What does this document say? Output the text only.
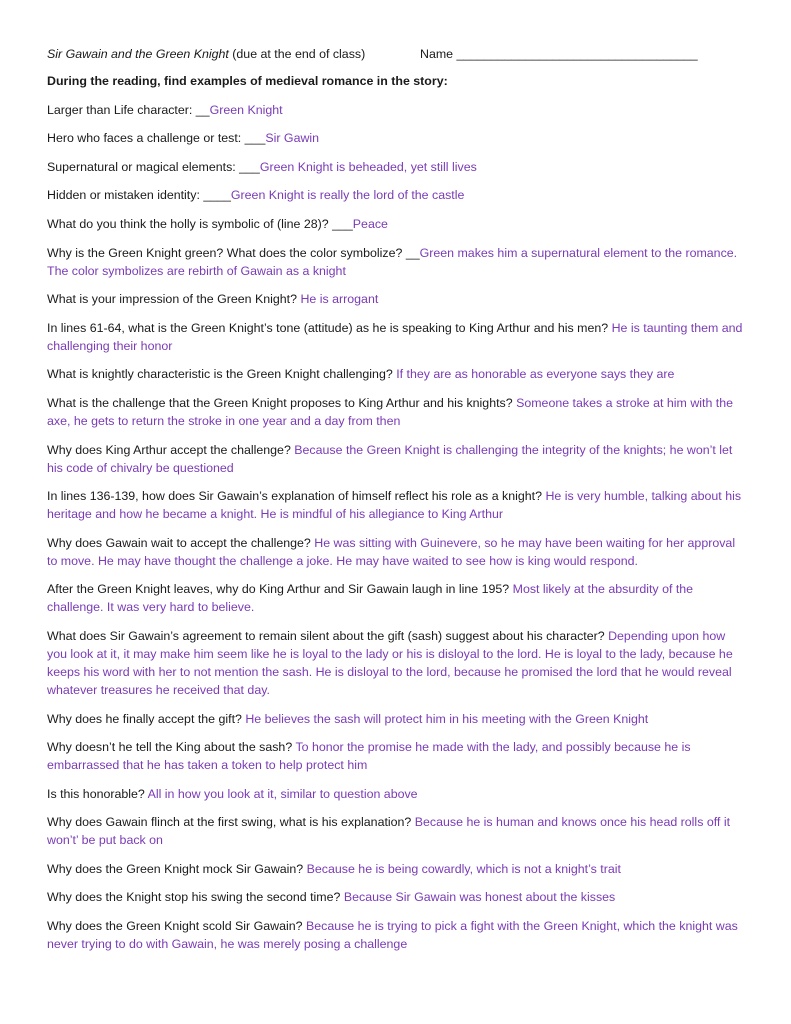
Sir Gawain and the Green Knight (due at the end of class)	Name ___________________________________
During the reading, find examples of medieval romance in the story:

Larger than Life character: __Green Knight

Hero who faces a challenge or test: ___Sir Gawin

Supernatural or magical elements: ___Green Knight is beheaded, yet still lives

Hidden or mistaken identity: ____Green Knight is really the lord of the castle

What do you think the holly is symbolic of (line 28)? ___Peace

Why is the Green Knight green? What does the color symbolize? __Green makes him a supernatural element to the romance. The color symbolizes are rebirth of Gawain as a knight

What is your impression of the Green Knight? He is arrogant

In lines 61-64, what is the Green Knight’s tone (attitude) as he is speaking to King Arthur and his men? He is taunting them and challenging their honor

What is knightly characteristic is the Green Knight challenging? If they are as honorable as everyone says they are

What is the challenge that the Green Knight proposes to King Arthur and his knights? Someone takes a stroke at him with the axe, he gets to return the stroke in one year and a day from then

Why does King Arthur accept the challenge? Because the Green Knight is challenging the integrity of the knights; he won’t let his code of chivalry be questioned

In lines 136-139, how does Sir Gawain’s explanation of himself reflect his role as a knight? He is very humble, talking about his heritage and how he became a knight. He is mindful of his allegiance to King Arthur

Why does Gawain wait to accept the challenge? He was sitting with Guinevere, so he may have been waiting for her approval to move. He may have thought the challenge a joke. He may have waited to see how is king would respond.

After the Green Knight leaves, why do King Arthur and Sir Gawain laugh in line 195? Most likely at the absurdity of the challenge. It was very hard to believe.

What does Sir Gawain’s agreement to remain silent about the gift (sash) suggest about his character? Depending upon how you look at it, it may make him seem like he is loyal to the lady or his is disloyal to the lord. He is loyal to the lady, because he keeps his word with her to not mention the sash. He is disloyal to the lord, because he promised the lord that he would reveal whatever treasures he received that day.

Why does he finally accept the gift? He believes the sash will protect him in his meeting with the Green Knight

Why doesn’t he tell the King about the sash? To honor the promise he made with the lady, and possibly because he is embarrassed that he has taken a token to help protect him

Is this honorable? All in how you look at it, similar to question above

Why does Gawain flinch at the first swing, what is his explanation? Because he is human and knows once his head rolls off it won’t’ be put back on

Why does the Green Knight mock Sir Gawain? Because he is being cowardly, which is not a knight’s trait

Why does the Knight stop his swing the second time? Because Sir Gawain was honest about the kisses

Why does the Green Knight scold Sir Gawain? Because he is trying to pick a fight with the Green Knight, which the knight was never trying to do with Gawain, he was merely posing a challenge
